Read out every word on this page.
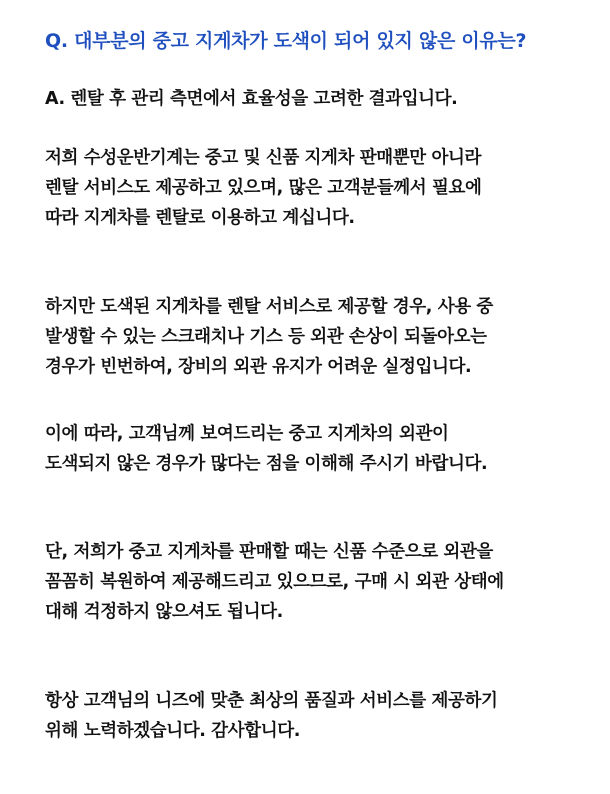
Q. 대부분의 중고 지게차가 도색이 되어 있지 않은 이유는?

A. 렌탈 후 관리 측면에서 효율성을 고려한 결과입니다.

저희 수성운반기계는 중고 및 신품 지게차 판매뿐만 아니라
렌탈 서비스도 제공하고 있으며, 많은 고객분들께서 필요에
따라 지게차를 렌탈로 이용하고 계십니다.

하지만 도색된 지게차를 렌탈 서비스로 제공할 경우, 사용 중
발생할 수 있는 스크래치나 기스 등 외관 손상이 되돌아오는
경우가 빈번하여, 장비의 외관 유지가 어려운 실정입니다.

이에 따라, 고객님께 보여드리는 중고 지게차의 외관이
도색되지 않은 경우가 많다는 점을 이해해 주시기 바랍니다.

단, 저희가 중고 지게차를 판매할 때는 신품 수준으로 외관을
꼼꼼히 복원하여 제공해드리고 있으므로, 구매 시 외관 상태에
대해 걱정하지 않으셔도 됩니다.

항상 고객님의 니즈에 맞춘 최상의 품질과 서비스를 제공하기
위해 노력하겠습니다. 감사합니다.
